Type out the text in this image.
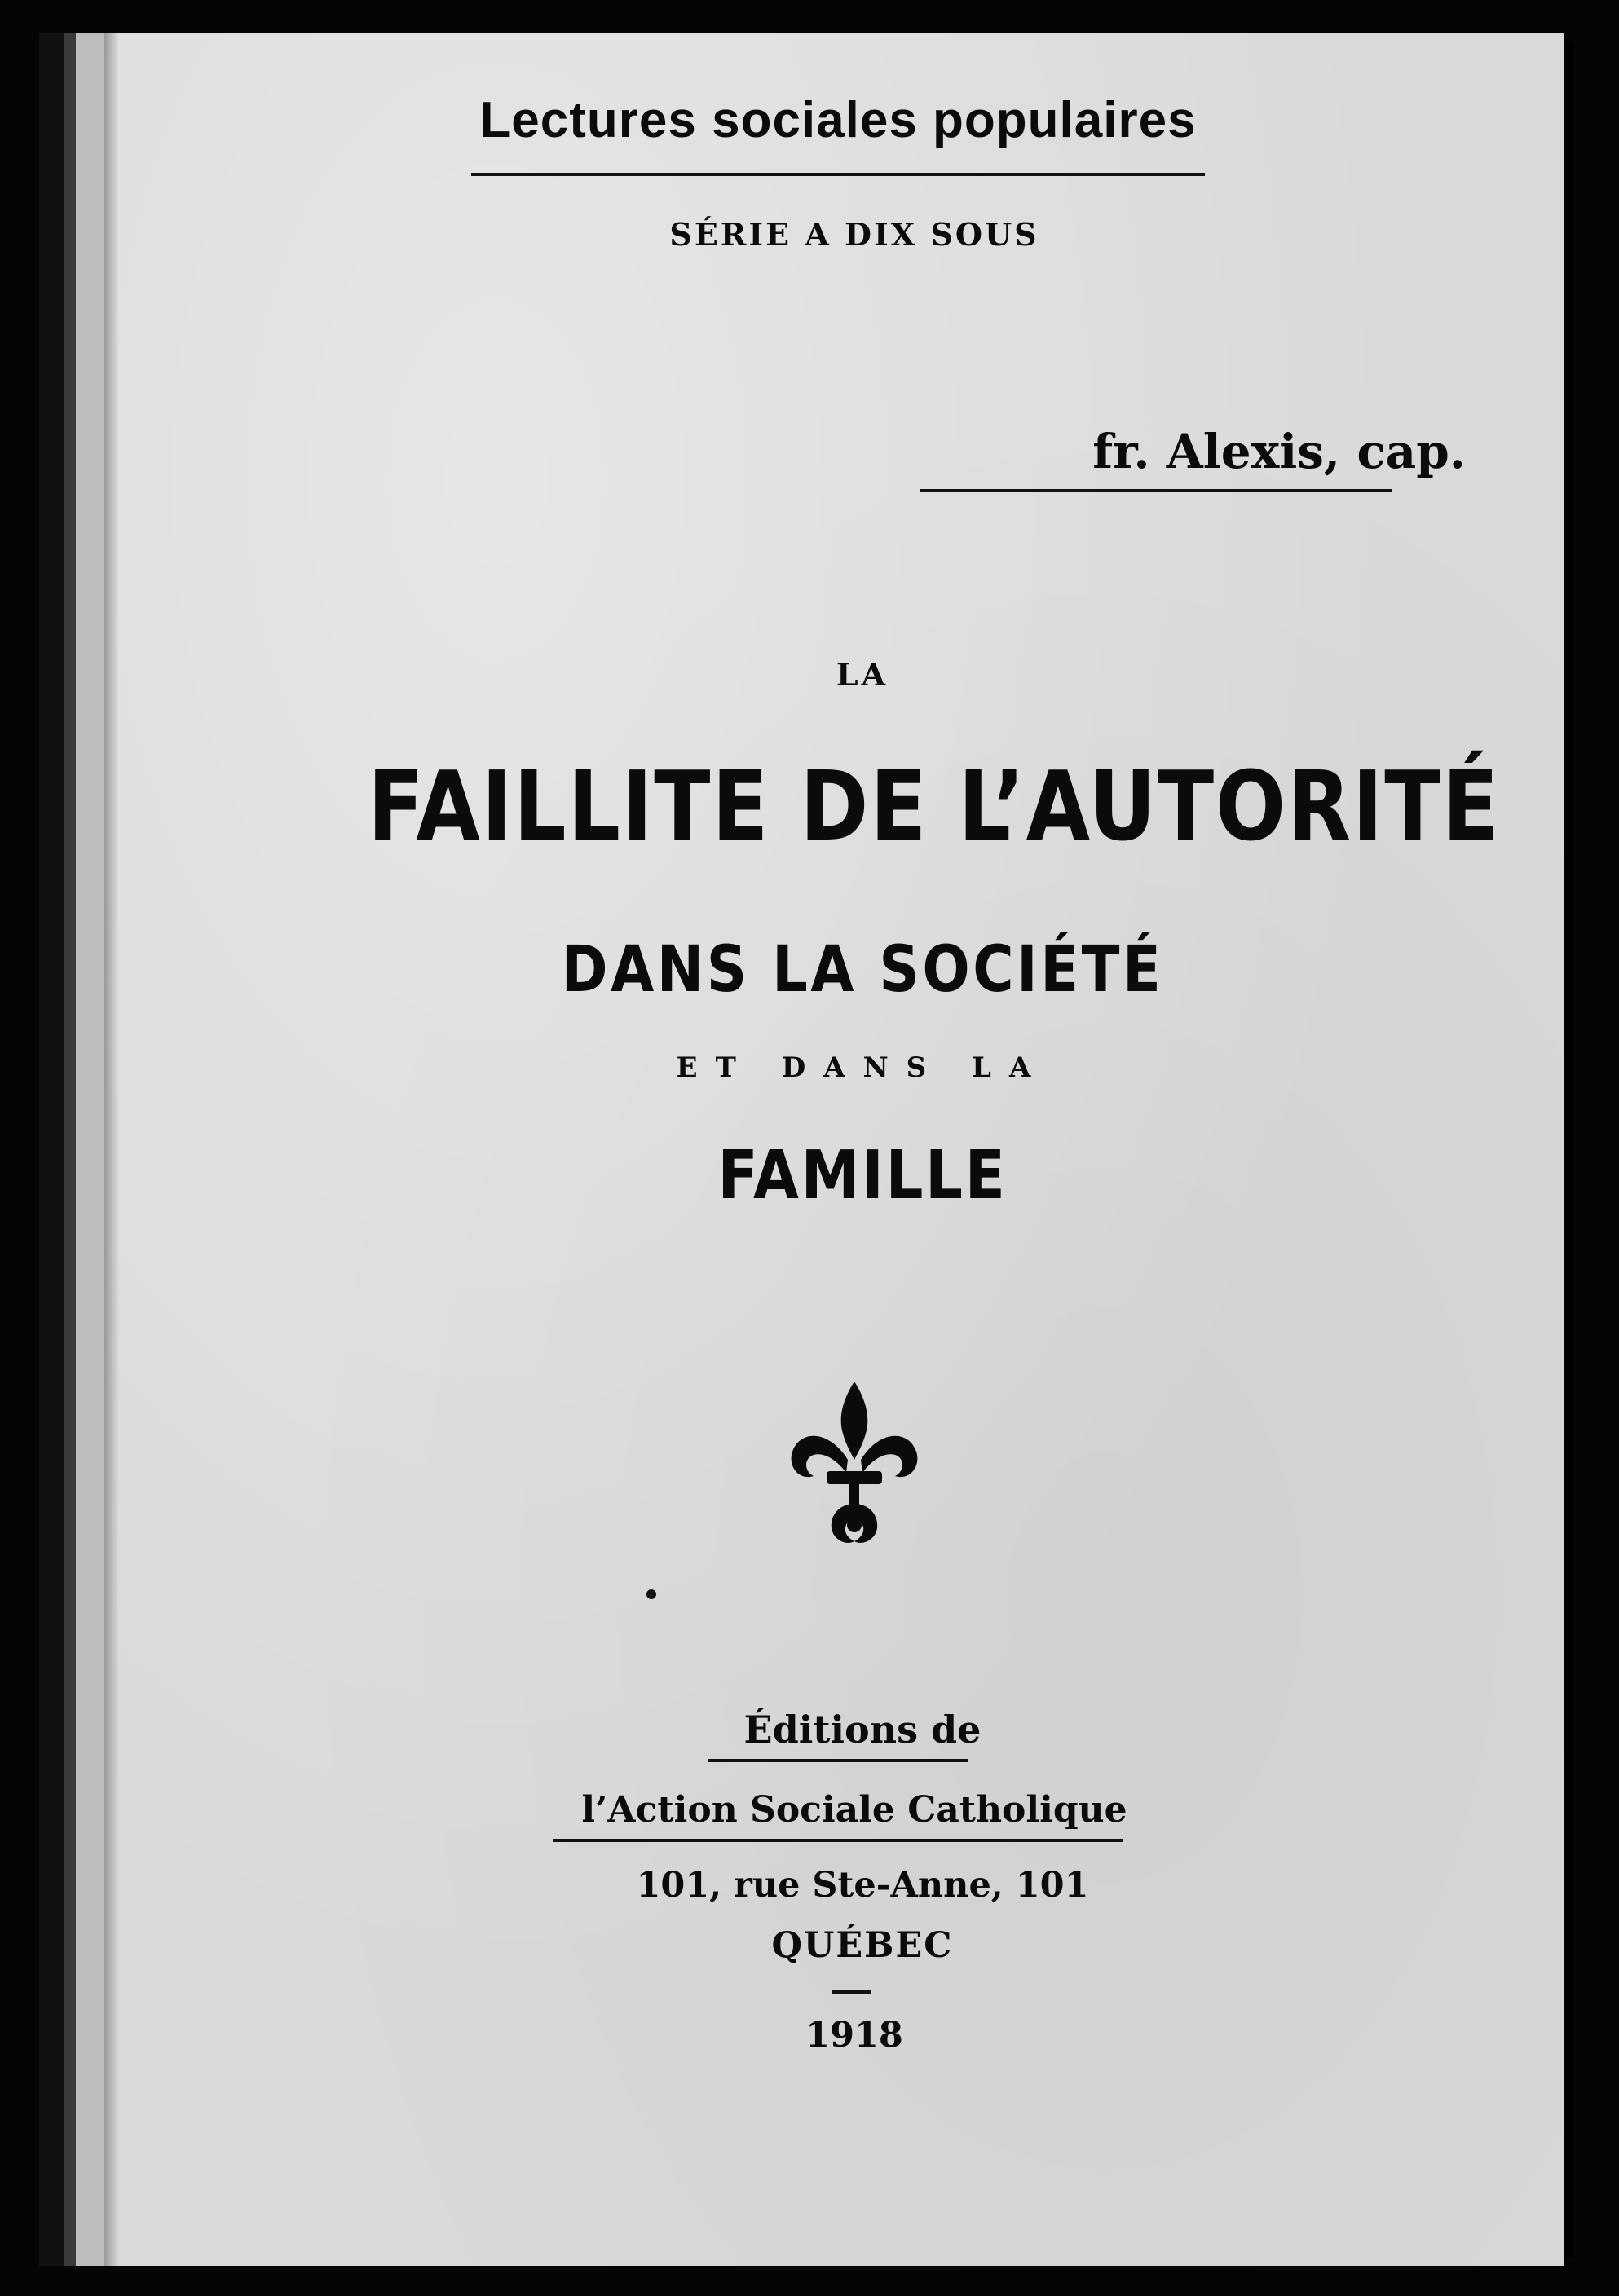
Lectures sociales populaires
SÉRIE A DIX SOUS
fr. Alexis, cap.
LA
FAILLITE DE L’AUTORITÉ
DANS LA SOCIÉTÉ
ET DANS LA
FAMILLE
Éditions de
l’Action Sociale Catholique
101, rue Ste-Anne, 101
QUÉBEC
1918
